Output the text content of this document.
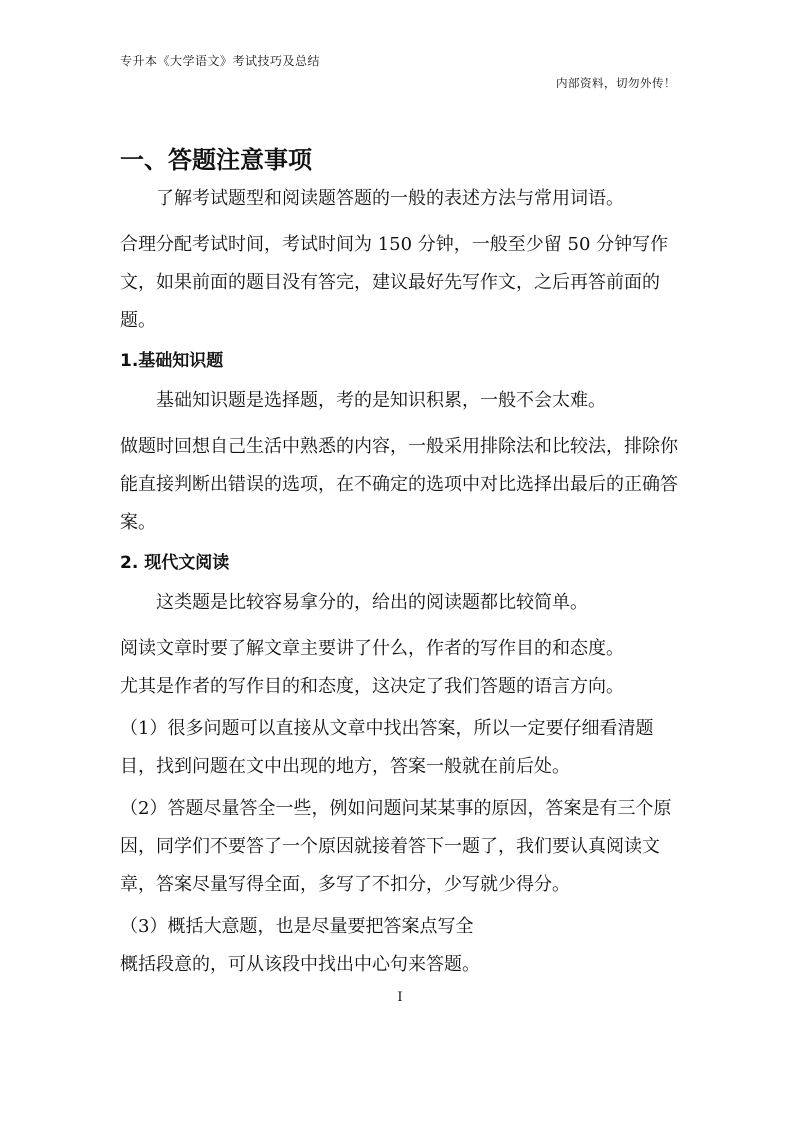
专升本《大学语文》考试技巧及总结
内部资料，切勿外传！
一、答题注意事项

了解考试题型和阅读题答题的一般的表述方法与常用词语。

合理分配考试时间，考试时间为 150 分钟，一般至少留 50 分钟写作文，如果前面的题目没有答完，建议最好先写作文，之后再答前面的题。

1.基础知识题

基础知识题是选择题，考的是知识积累，一般不会太难。

做题时回想自己生活中熟悉的内容，一般采用排除法和比较法，排除你能直接判断出错误的选项，在不确定的选项中对比选择出最后的正确答案。

2. 现代文阅读

这类题是比较容易拿分的，给出的阅读题都比较简单。

阅读文章时要了解文章主要讲了什么，作者的写作目的和态度。

尤其是作者的写作目的和态度，这决定了我们答题的语言方向。

（1）很多问题可以直接从文章中找出答案，所以一定要仔细看清题目，找到问题在文中出现的地方，答案一般就在前后处。

（2）答题尽量答全一些，例如问题问某某事的原因，答案是有三个原因，同学们不要答了一个原因就接着答下一题了，我们要认真阅读文章，答案尽量写得全面，多写了不扣分，少写就少得分。

（3）概括大意题，也是尽量要把答案点写全

概括段意的，可从该段中找出中心句来答题。

I
